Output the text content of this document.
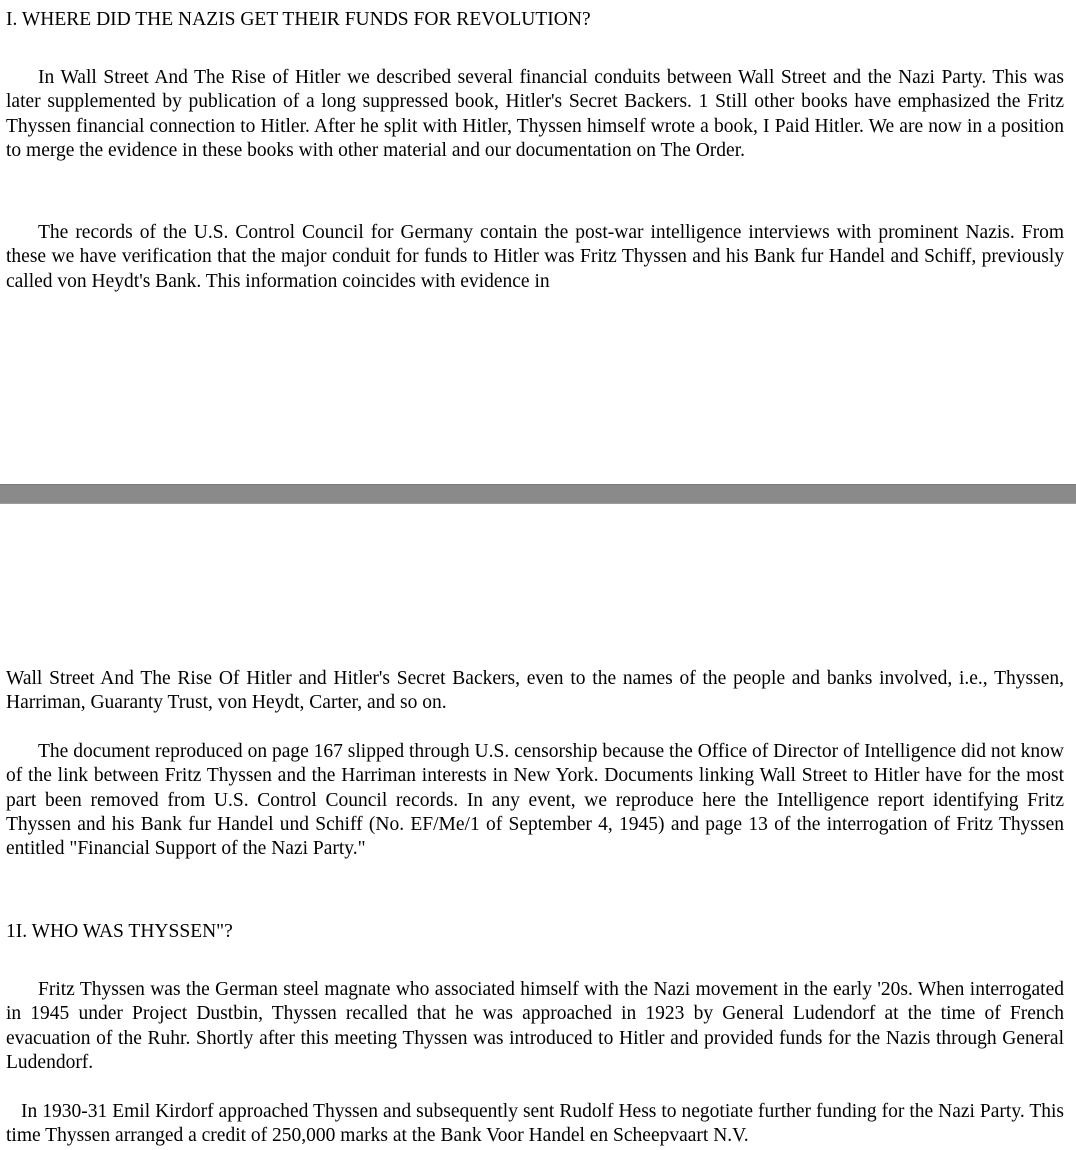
I. WHERE DID THE NAZIS GET THEIR FUNDS FOR REVOLUTION?

In Wall Street And The Rise of Hitler we described several financial conduits between Wall Street and the Nazi Party. This was later supplemented by publication of a long suppressed book, Hitler's Secret Backers. 1 Still other books have emphasized the Fritz Thyssen financial connection to Hitler. After he split with Hitler, Thyssen himself wrote a book, I Paid Hitler. We are now in a position to merge the evidence in these books with other material and our documentation on The Order.

The records of the U.S. Control Council for Germany contain the post-war intelligence interviews with prominent Nazis. From these we have verification that the major conduit for funds to Hitler was Fritz Thyssen and his Bank fur Handel and Schiff, previously called von Heydt's Bank. This information coincides with evidence in

Wall Street And The Rise Of Hitler and Hitler's Secret Backers, even to the names of the people and banks involved, i.e., Thyssen, Harriman, Guaranty Trust, von Heydt, Carter, and so on.

The document reproduced on page 167 slipped through U.S. censorship because the Office of Director of Intelligence did not know of the link between Fritz Thyssen and the Harriman interests in New York. Documents linking Wall Street to Hitler have for the most part been removed from U.S. Control Council records. In any event, we reproduce here the Intelligence report identifying Fritz Thyssen and his Bank fur Handel und Schiff (No. EF/Me/1 of September 4, 1945) and page 13 of the interrogation of Fritz Thyssen entitled "Financial Support of the Nazi Party."

1I. WHO WAS THYSSEN"?

Fritz Thyssen was the German steel magnate who associated himself with the Nazi movement in the early '20s. When interrogated in 1945 under Project Dustbin, Thyssen recalled that he was approached in 1923 by General Ludendorf at the time of French evacuation of the Ruhr. Shortly after this meeting Thyssen was introduced to Hitler and provided funds for the Nazis through General Ludendorf.

In 1930-31 Emil Kirdorf approached Thyssen and subsequently sent Rudolf Hess to negotiate further funding for the Nazi Party. This time Thyssen arranged a credit of 250,000 marks at the Bank Voor Handel en Scheepvaart N.V.
